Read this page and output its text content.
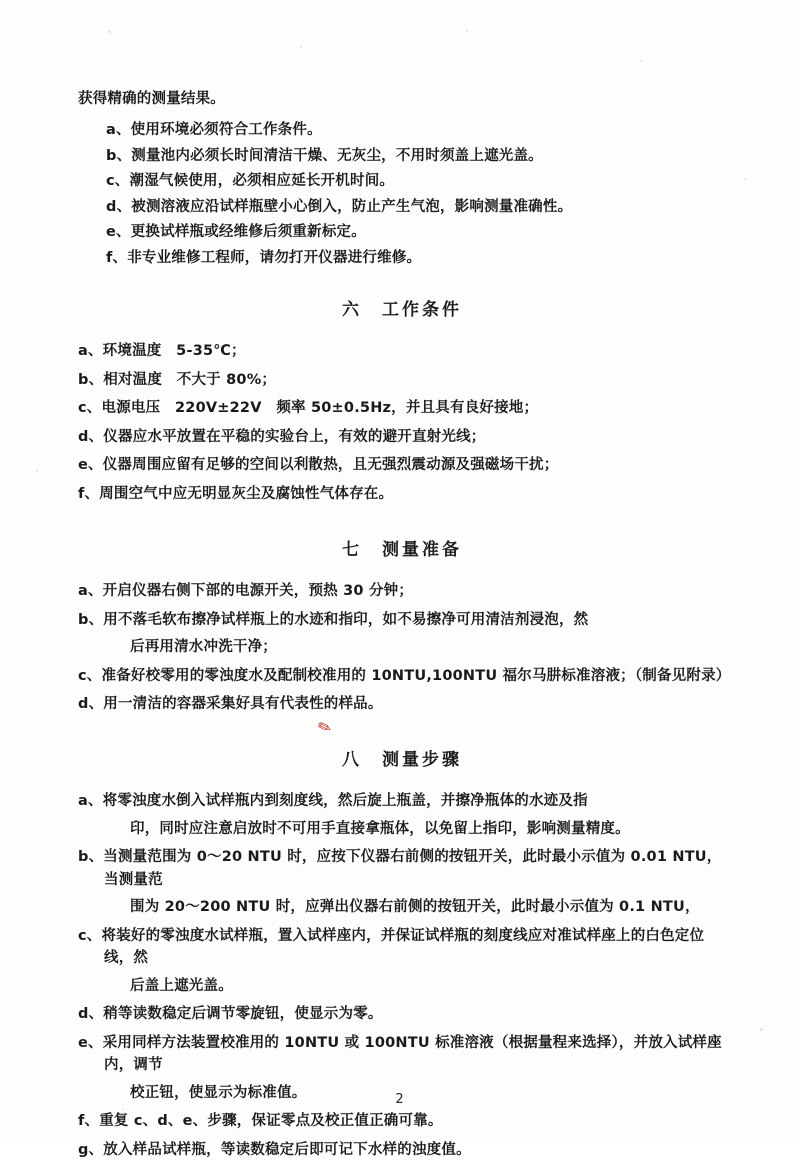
✎

获得精确的测量结果。

a、使用环境必须符合工作条件。

b、测量池内必须长时间清洁干燥、无灰尘，不用时须盖上遮光盖。

c、潮湿气候使用，必须相应延长开机时间。

d、被测溶液应沿试样瓶壁小心倒入，防止产生气泡，影响测量准确性。

e、更换试样瓶或经维修后须重新标定。

f、非专业维修工程师，请勿打开仪器进行维修。

六　工作条件

a、环境温度　5-35℃；

b、相对温度　不大于 80%；

c、电源电压　220V±22V　频率 50±0.5Hz，并且具有良好接地；

d、仪器应水平放置在平稳的实验台上，有效的避开直射光线；

e、仪器周围应留有足够的空间以利散热，且无强烈震动源及强磁场干扰；

f、周围空气中应无明显灰尘及腐蚀性气体存在。

七　测量准备

a、开启仪器右侧下部的电源开关，预热 30 分钟；

b、用不落毛软布擦净试样瓶上的水迹和指印，如不易擦净可用清洁剂浸泡，然

后再用清水冲洗干净；

c、准备好校零用的零浊度水及配制校准用的 10NTU,100NTU 福尔马肼标准溶液；（制备见附录）

d、用一清洁的容器采集好具有代表性的样品。

八　测量步骤

a、将零浊度水倒入试样瓶内到刻度线，然后旋上瓶盖，并擦净瓶体的水迹及指

印，同时应注意启放时不可用手直接拿瓶体，以免留上指印，影响测量精度。

b、当测量范围为 0～20 NTU 时，应按下仪器右前侧的按钮开关，此时最小示值为 0.01 NTU，当测量范

围为 20～200 NTU 时，应弹出仪器右前侧的按钮开关，此时最小示值为 0.1 NTU，

c、将装好的零浊度水试样瓶，置入试样座内，并保证试样瓶的刻度线应对准试样座上的白色定位线，然

后盖上遮光盖。

d、稍等读数稳定后调节零旋钮，使显示为零。

e、采用同样方法装置校准用的 10NTU 或 100NTU 标准溶液（根据量程来选择），并放入试样座内，调节

校正钮，使显示为标准值。

f、重复 c、d、e、步骤，保证零点及校正值正确可靠。

g、放入样品试样瓶，等读数稳定后即可记下水样的浊度值。

2
